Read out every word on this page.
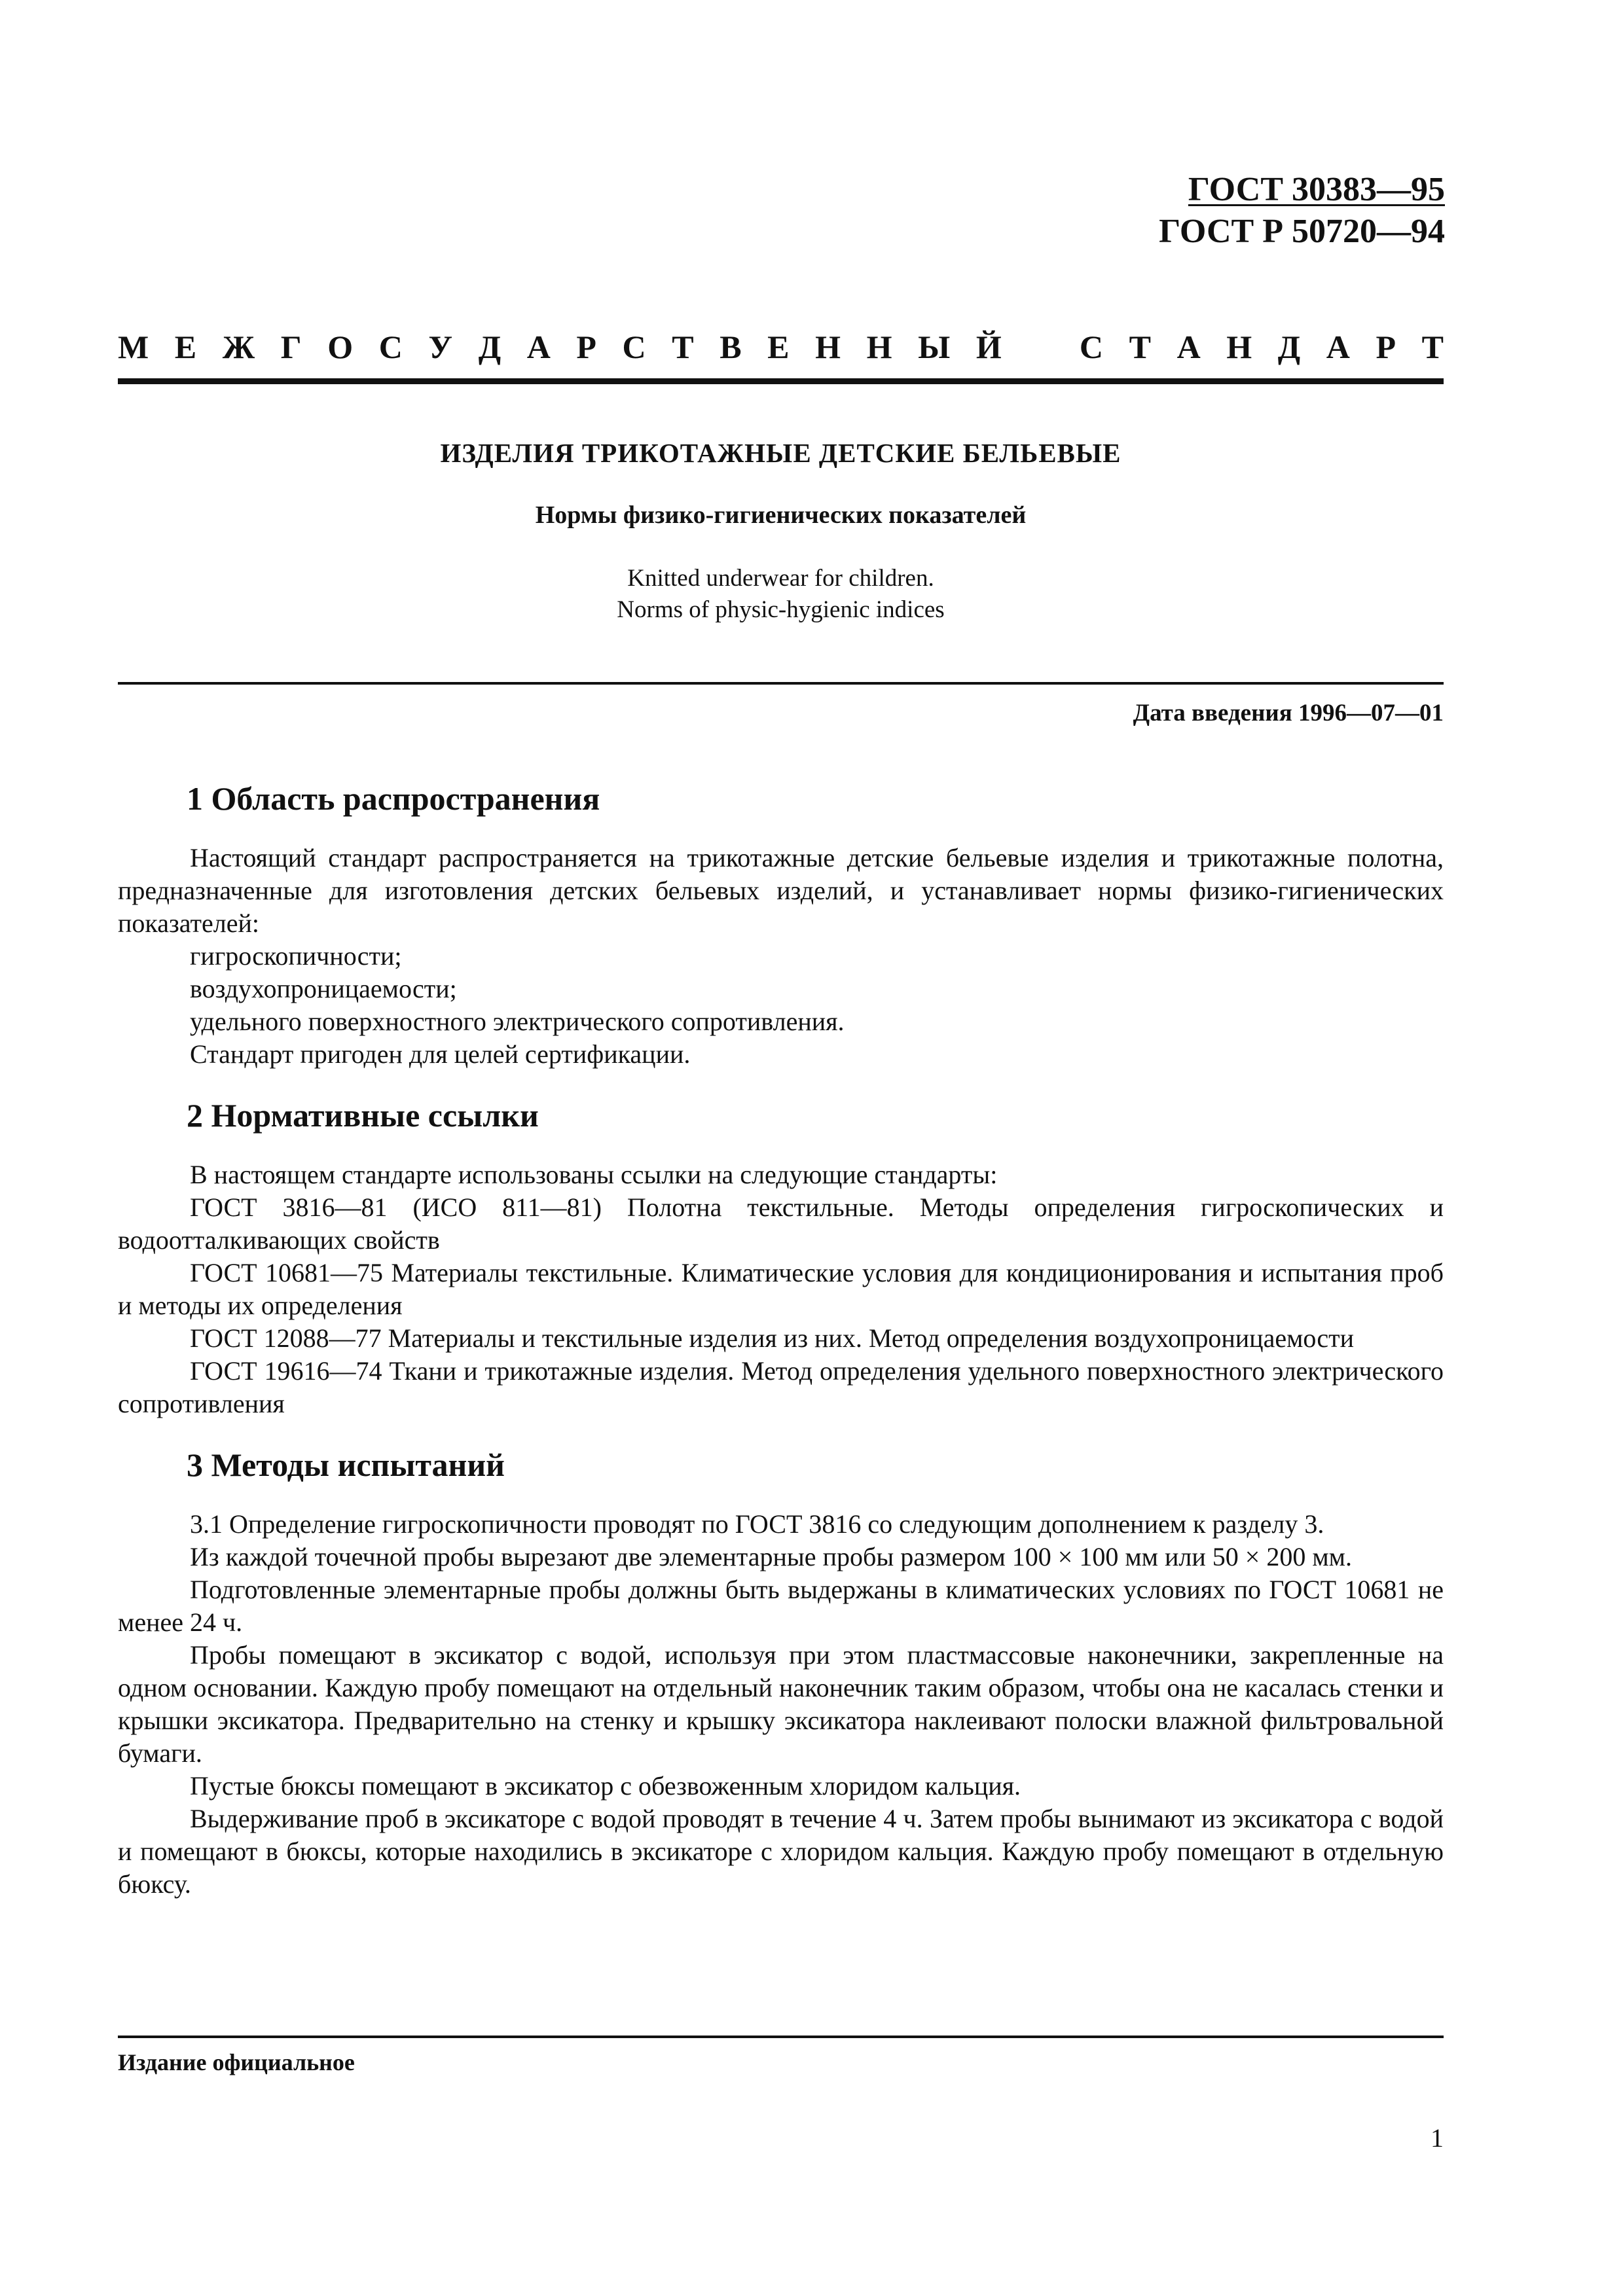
ГОСТ 30383—95
ГОСТ Р 50720—94
М Е Ж Г О С У Д А Р С Т В Е Н Н Ы Й С Т А Н Д А Р Т
ИЗДЕЛИЯ ТРИКОТАЖНЫЕ ДЕТСКИЕ БЕЛЬЕВЫЕ
Нормы физико-гигиенических показателей
Knitted underwear for children.
Norms of physic-hygienic indices
Дата введения 1996—07—01
1 Область распространения

Настоящий стандарт распространяется на трикотажные детские бельевые изделия и трикотажные полотна, предназначенные для изготовления детских бельевых изделий, и устанавливает нормы физико-гигиенических показателей:

гигроскопичности;

воздухопроницаемости;

удельного поверхностного электрического сопротивления.

Стандарт пригоден для целей сертификации.

2 Нормативные ссылки

В настоящем стандарте использованы ссылки на следующие стандарты:

ГОСТ 3816—81 (ИСО 811—81) Полотна текстильные. Методы определения гигроскопических и водоотталкивающих свойств

ГОСТ 10681—75 Материалы текстильные. Климатические условия для кондиционирования и испытания проб и методы их определения

ГОСТ 12088—77 Материалы и текстильные изделия из них. Метод определения воздухопроницаемости

ГОСТ 19616—74 Ткани и трикотажные изделия. Метод определения удельного поверхностного электрического сопротивления

3 Методы испытаний

3.1 Определение гигроскопичности проводят по ГОСТ 3816 со следующим дополнением к разделу 3.

Из каждой точечной пробы вырезают две элементарные пробы размером 100 × 100 мм или 50 × 200 мм.

Подготовленные элементарные пробы должны быть выдержаны в климатических условиях по ГОСТ 10681 не менее 24 ч.

Пробы помещают в эксикатор с водой, используя при этом пластмассовые наконечники, закрепленные на одном основании. Каждую пробу помещают на отдельный наконечник таким образом, чтобы она не касалась стенки и крышки эксикатора. Предварительно на стенку и крышку эксикатора наклеивают полоски влажной фильтровальной бумаги.

Пустые бюксы помещают в эксикатор с обезвоженным хлоридом кальция.

Выдерживание проб в эксикаторе с водой проводят в течение 4 ч. Затем пробы вынимают из эксикатора с водой и помещают в бюксы, которые находились в эксикаторе с хлоридом кальция. Каждую пробу помещают в отдельную бюксу.

Издание официальное
1
